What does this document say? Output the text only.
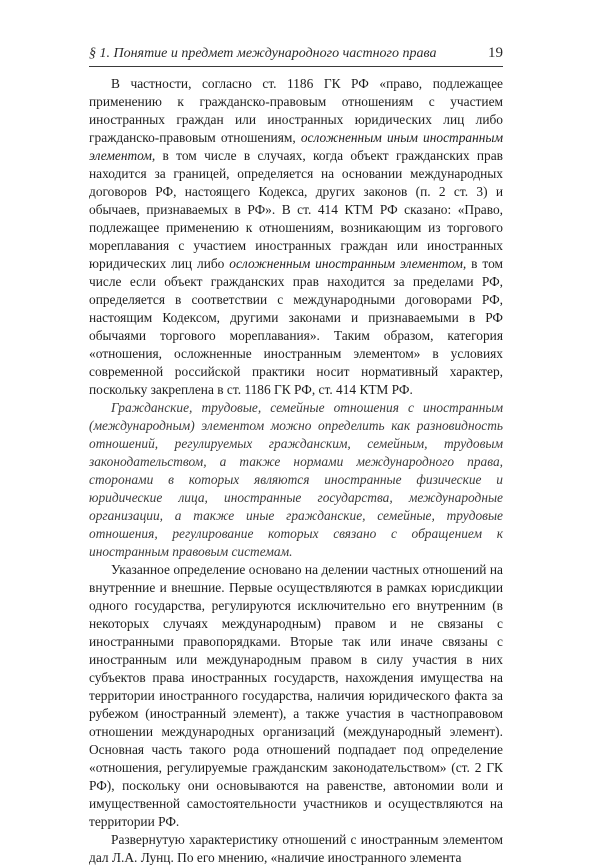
§ 1. Понятие и предмет международного частного права	19

В частности, согласно ст. 1186 ГК РФ «право, подлежащее применению к гражданско-правовым отношениям с участием иностранных граждан или иностранных юридических лиц либо гражданско-правовым отношениям, осложненным иным иностранным элементом, в том числе в случаях, когда объект гражданских прав находится за границей, определяется на основании международных договоров РФ, настоящего Кодекса, других законов (п. 2 ст. 3) и обычаев, признаваемых в РФ». В ст. 414 КТМ РФ сказано: «Право, подлежащее применению к отношениям, возникающим из торгового мореплавания с участием иностранных граждан или иностранных юридических лиц либо осложненным иностранным элементом, в том числе если объект гражданских прав находится за пределами РФ, определяется в соответствии с международными договорами РФ, настоящим Кодексом, другими законами и признаваемыми в РФ обычаями торгового мореплавания». Таким образом, категория «отношения, осложненные иностранным элементом» в условиях современной российской практики носит нормативный характер, поскольку закреплена в ст. 1186 ГК РФ, ст. 414 КТМ РФ.

Гражданские, трудовые, семейные отношения с иностранным (международным) элементом можно определить как разновидность отношений, регулируемых гражданским, семейным, трудовым законодательством, а также нормами международного права, сторонами в которых являются иностранные физические и юридические лица, иностранные государства, международные организации, а также иные гражданские, семейные, трудовые отношения, регулирование которых связано с обращением к иностранным правовым системам.

Указанное определение основано на делении частных отношений на внутренние и внешние. Первые осуществляются в рамках юрисдикции одного государства, регулируются исключительно его внутренним (в некоторых случаях международным) правом и не связаны с иностранными правопорядками. Вторые так или иначе связаны с иностранным или международным правом в силу участия в них субъектов права иностранных государств, нахождения имущества на территории иностранного государства, наличия юридического факта за рубежом (иностранный элемент), а также участия в частноправовом отношении международных организаций (международный элемент). Основная часть такого рода отношений подпадает под определение «отношения, регулируемые гражданским законодательством» (ст. 2 ГК РФ), поскольку они основываются на равенстве, автономии воли и имущественной самостоятельности участников и осуществляются на территории РФ.

Развернутую характеристику отношений с иностранным элементом дал Л.А. Лунц. По его мнению, «наличие иностранного элемента
